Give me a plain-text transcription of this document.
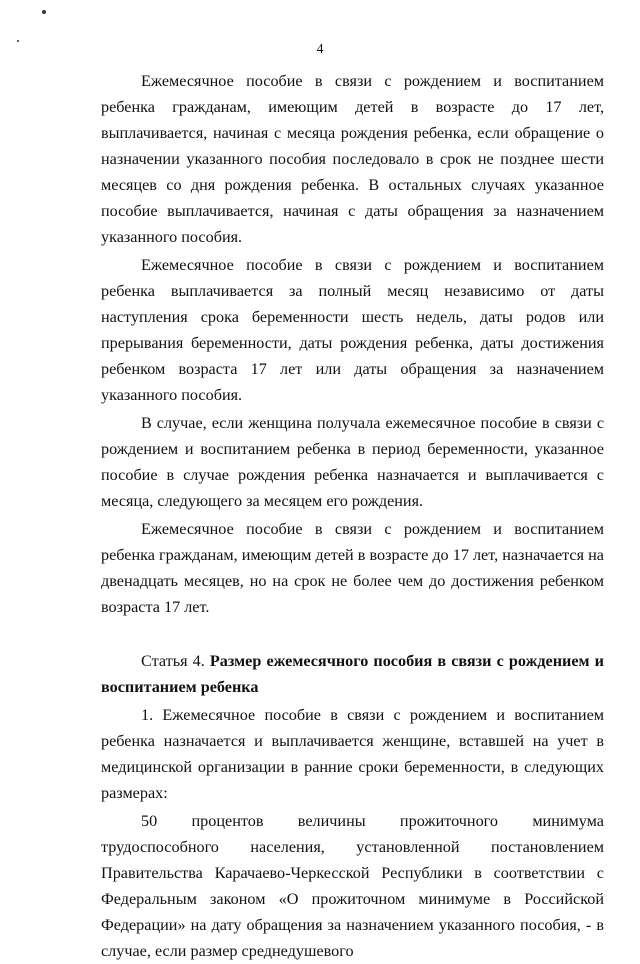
4

Ежемесячное пособие в связи с рождением и воспитанием ребенка гражданам, имеющим детей в возрасте до 17 лет, выплачивается, начиная с месяца рождения ребенка, если обращение о назначении указанного пособия последовало в срок не позднее шести месяцев со дня рождения ребенка. В остальных случаях указанное пособие выплачивается, начиная с даты обращения за назначением указанного пособия.

Ежемесячное пособие в связи с рождением и воспитанием ребенка выплачивается за полный месяц независимо от даты наступления срока беременности шесть недель, даты родов или прерывания беременности, даты рождения ребенка, даты достижения ребенком возраста 17 лет или даты обращения за назначением указанного пособия.

В случае, если женщина получала ежемесячное пособие в связи с рождением и воспитанием ребенка в период беременности, указанное пособие в случае рождения ребенка назначается и выплачивается с месяца, следующего за месяцем его рождения.

Ежемесячное пособие в связи с рождением и воспитанием ребенка гражданам, имеющим детей в возрасте до 17 лет, назначается на двенадцать месяцев, но на срок не более чем до достижения ребенком возраста 17 лет.

Статья 4. Размер ежемесячного пособия в связи с рождением и воспитанием ребенка

1. Ежемесячное пособие в связи с рождением и воспитанием ребенка назначается и выплачивается женщине, вставшей на учет в медицинской организации в ранние сроки беременности, в следующих размерах:

50 процентов величины прожиточного минимума трудоспособного населения, установленной постановлением Правительства Карачаево-Черкесской Республики в соответствии с Федеральным законом «О прожиточном минимуме в Российской Федерации» на дату обращения за назначением указанного пособия, - в случае, если размер среднедушевого
